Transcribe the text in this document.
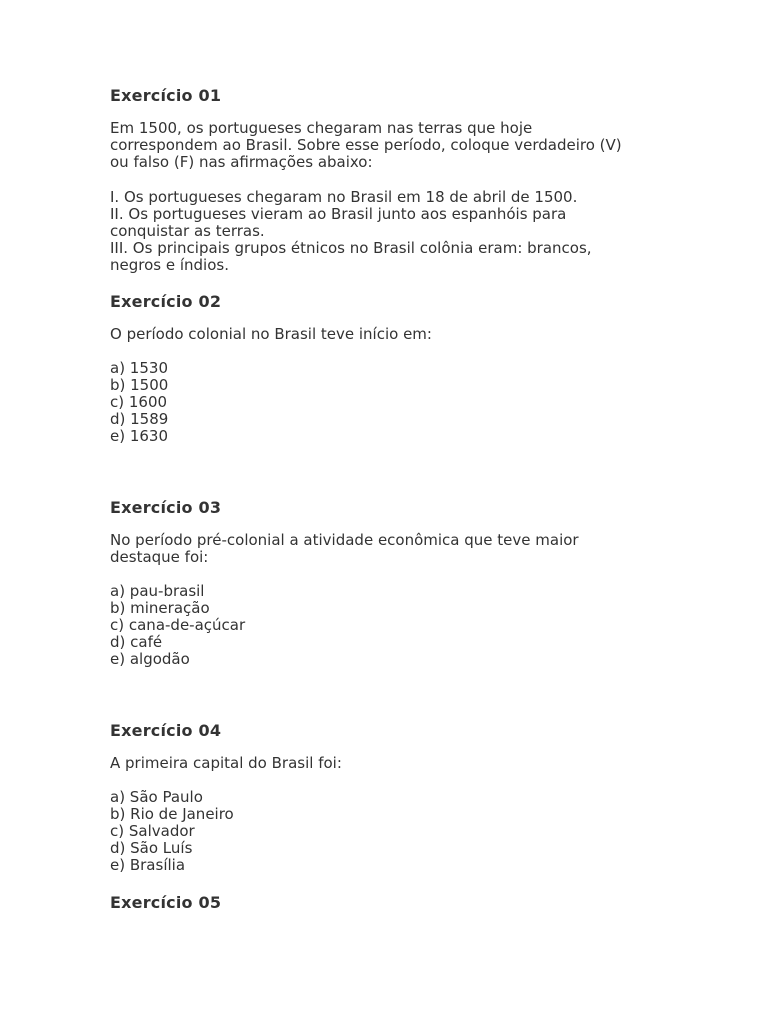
Exercício 01

Em 1500, os portugueses chegaram nas terras que hoje

correspondem ao Brasil. Sobre esse período, coloque verdadeiro (V)

ou falso (F) nas afirmações abaixo:

I. Os portugueses chegaram no Brasil em 18 de abril de 1500.

II. Os portugueses vieram ao Brasil junto aos espanhóis para

conquistar as terras.

III. Os principais grupos étnicos no Brasil colônia eram: brancos,

negros e índios.

Exercício 02

O período colonial no Brasil teve início em:

a) 1530

b) 1500

c) 1600

d) 1589

e) 1630

Exercício 03

No período pré-colonial a atividade econômica que teve maior

destaque foi:

a) pau-brasil

b) mineração

c) cana-de-açúcar

d) café

e) algodão

Exercício 04

A primeira capital do Brasil foi:

a) São Paulo

b) Rio de Janeiro

c) Salvador

d) São Luís

e) Brasília

Exercício 05
